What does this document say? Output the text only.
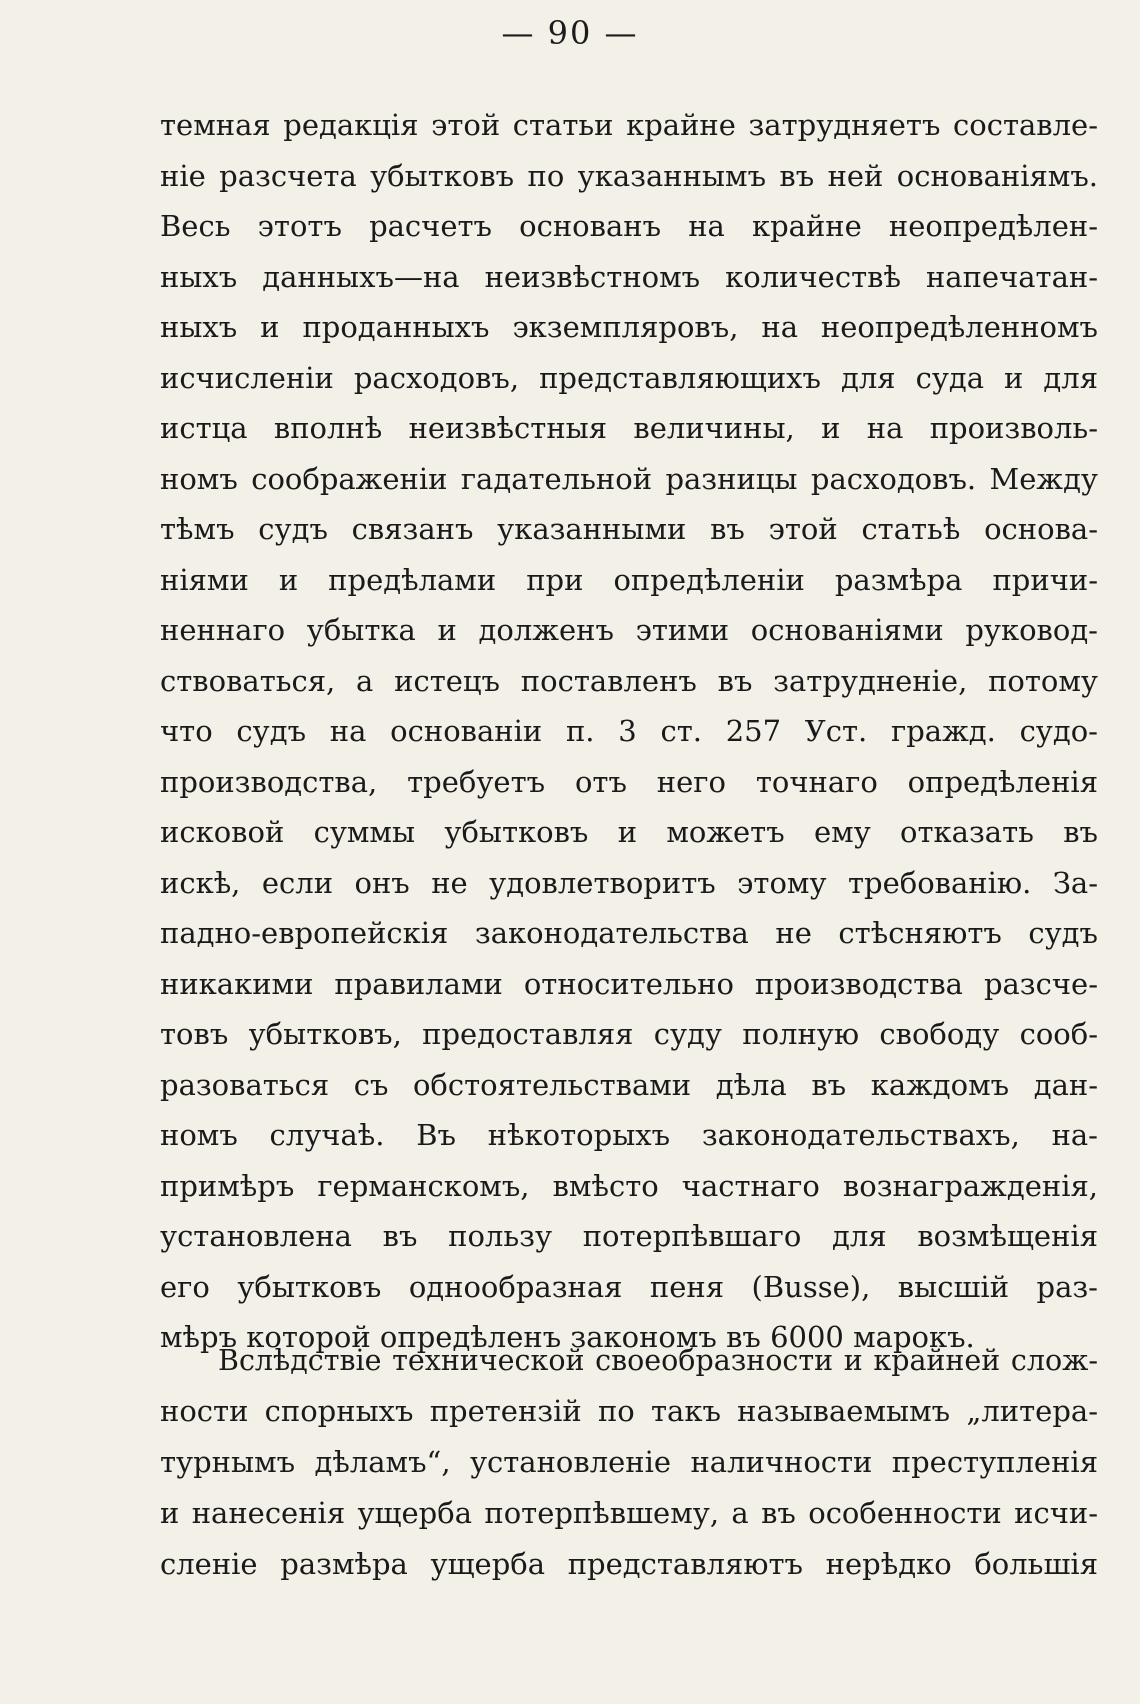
— 90 —
темная редакція этой статьи крайне затрудняетъ составле-
ніе разсчета убытковъ по указаннымъ въ ней основаніямъ.
Весь этотъ расчетъ основанъ на крайне неопредѣлен-
ныхъ данныхъ—на неизвѣстномъ количествѣ напечатан-
ныхъ и проданныхъ экземпляровъ, на неопредѣленномъ
исчисленіи расходовъ, представляющихъ для суда и для
истца вполнѣ неизвѣстныя величины, и на произволь-
номъ соображеніи гадательной разницы расходовъ. Между
тѣмъ судъ связанъ указанными въ этой статьѣ основа-
ніями и предѣлами при опредѣленіи размѣра причи-
неннаго убытка и долженъ этими основаніями руковод-
ствоваться, а истецъ поставленъ въ затрудненіе, потому
что судъ на основаніи п. 3 ст. 257 Уст. гражд. судо-
производства, требуетъ отъ него точнаго опредѣленія
исковой суммы убытковъ и можетъ ему отказать въ
искѣ, если онъ не удовлетворитъ этому требованію. За-
падно-европейскія законодательства не стѣсняютъ судъ
никакими правилами относительно производства разсче-
товъ убытковъ, предоставляя суду полную свободу сооб-
разоваться съ обстоятельствами дѣла въ каждомъ дан-
номъ случаѣ. Въ нѣкоторыхъ законодательствахъ, на-
примѣръ германскомъ, вмѣсто частнаго вознагражденія,
установлена въ пользу потерпѣвшаго для возмѣщенія
его убытковъ однообразная пеня (Busse), высшій раз-
мѣръ которой опредѣленъ закономъ въ 6000 марокъ.
Вслѣдствіе технической своеобразности и крайней слож-
ности спорныхъ претензій по такъ называемымъ „литера-
турнымъ дѣламъ“, установленіе наличности преступленія
и нанесенія ущерба потерпѣвшему, а въ особенности исчи-
сленіе размѣра ущерба представляютъ нерѣдко большія
